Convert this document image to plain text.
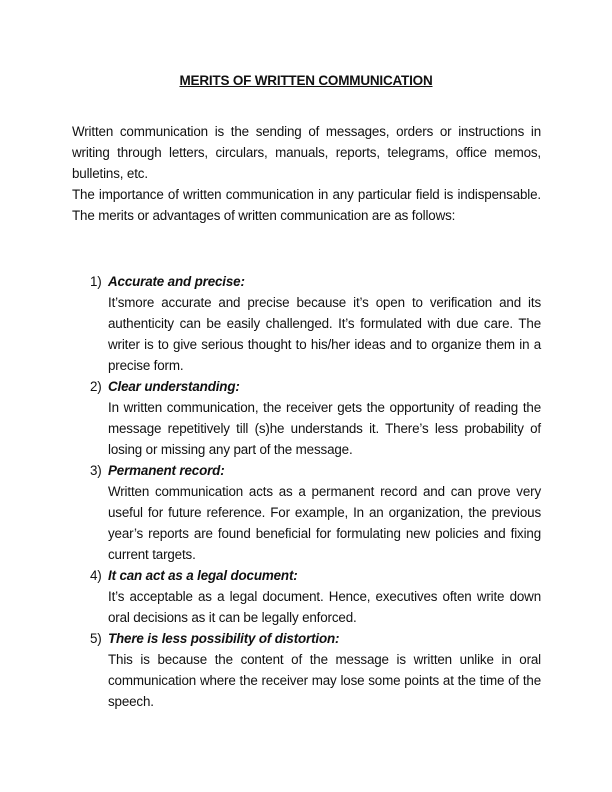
MERITS OF WRITTEN COMMUNICATION

Written communication is the sending of messages, orders or instructions in writing through letters, circulars, manuals, reports, telegrams, office memos, bulletins, etc.

The importance of written communication in any particular field is indispensable. The merits or advantages of written communication are as follows:

1) Accurate and precise:
It’smore accurate and precise because it’s open to verification and its authenticity can be easily challenged. It’s formulated with due care. The writer is to give serious thought to his/her ideas and to organize them in a precise form.
2) Clear understanding:
In written communication, the receiver gets the opportunity of reading the message repetitively till (s)he understands it. There’s less probability of losing or missing any part of the message.
3) Permanent record:
Written communication acts as a permanent record and can prove very useful for future reference. For example, In an organization, the previous year’s reports are found beneficial for formulating new policies and fixing current targets.
4) It can act as a legal document:
It’s acceptable as a legal document. Hence, executives often write down oral decisions as it can be legally enforced.
5) There is less possibility of distortion:
This is because the content of the message is written unlike in oral communication where the receiver may lose some points at the time of the speech.
